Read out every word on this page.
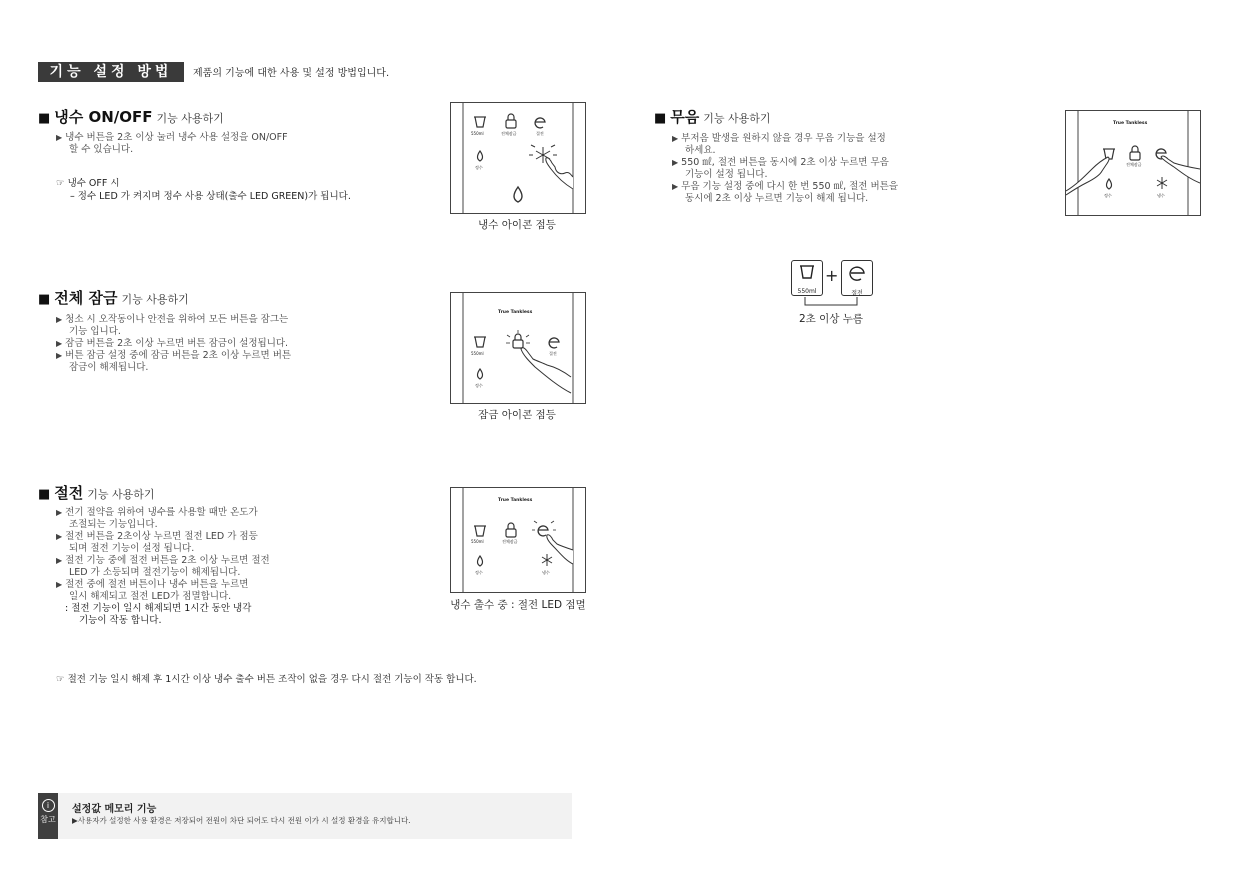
기능 설정 방법	제품의 기능에 대한 사용 및 설정 방법입니다.
■ 냉수 ON/OFF 기능 사용하기
▶ 냉수 버튼을 2초 이상 눌러 냉수 사용 설정을 ON/OFF
할 수 있습니다.
☞ 냉수 OFF 시
– 정수 LED 가 켜지며 정수 사용 상태(출수 LED GREEN)가 됩니다.
550ml	전체잠금	절전
정수
냉수 아이콘 점등
■ 전체 잠금 기능 사용하기
▶ 청소 시 오작동이나 안전을 위하여 모든 버튼을 잠그는
기능 입니다.
▶ 잠금 버튼을 2초 이상 누르면 버튼 잠금이 설정됩니다.
▶ 버튼 잠금 설정 중에 잠금 버튼을 2초 이상 누르면 버튼
잠금이 해제됩니다.
True Tankless
550ml	절전
정수
잠금 아이콘 점등
■ 절전 기능 사용하기
▶ 전기 절약을 위하여 냉수를 사용할 때만 온도가
조절되는 기능입니다.
▶ 절전 버튼을 2초이상 누르면 절전 LED 가 점등
되며 절전 기능이 설정 됩니다.
▶ 절전 기능 중에 절전 버튼을 2초 이상 누르면 절전
LED 가 소등되며 절전기능이 해제됩니다.
▶ 절전 중에 절전 버튼이나 냉수 버튼을 누르면
일시 해제되고 절전 LED가 점멸합니다.
: 절전 기능이 일시 해제되면 1시간 동안 냉각
기능이 작동 합니다.
☞ 절전 기능 일시 해제 후 1시간 이상 냉수 출수 버튼 조작이 없을 경우 다시 절전 기능이 작동 합니다.
True Tankless
550ml	전체잠금
정수	냉수
냉수 출수 중 : 절전 LED 점멸
■ 무음 기능 사용하기
▶ 부저음 발생을 원하지 않을 경우 무음 기능을 설정
하세요.
▶ 550 ㎖, 절전 버튼을 동시에 2초 이상 누르면 무음
기능이 설정 됩니다.
▶ 무음 기능 설정 중에 다시 한 번 550 ㎖, 절전 버튼을
동시에 2초 이상 누르면 기능이 해제 됩니다.
True Tankless
전체잠금
정수	냉수
550ml
+
절전
2초 이상 누름
i
참고
설정값 메모리 기능
▶사용자가 설정한 사용 환경은 저장되어 전원이 차단 되어도 다시 전원 이가 시 설정 환경을 유지합니다.
